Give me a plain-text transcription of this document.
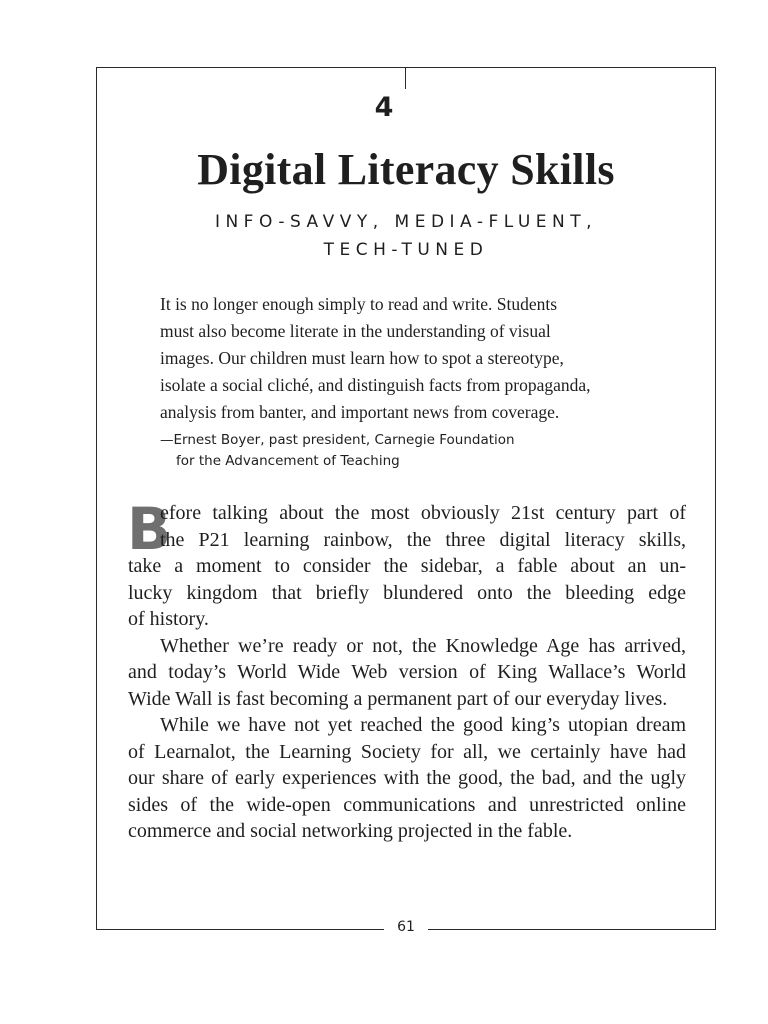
4
Digital Literacy Skills
INFO-SAVVY, MEDIA-FLUENT,
TECH-TUNED
It is no longer enough simply to read and write. Students
must also become literate in the understanding of visual
images. Our children must learn how to spot a stereotype,
isolate a social cliché, and distinguish facts from propaganda,
analysis from banter, and important news from coverage.
—Ernest Boyer, past president, Carnegie Foundation
for the Advancement of Teaching
B
efore talking about the most obviously 21st century part of
the P21 learning rainbow, the three digital literacy skills,
take a moment to consider the sidebar, a fable about an un-
lucky kingdom that briefly blundered onto the bleeding edge
of history.
Whether we’re ready or not, the Knowledge Age has arrived,
and today’s World Wide Web version of King Wallace’s World
Wide Wall is fast becoming a permanent part of our everyday lives.
While we have not yet reached the good king’s utopian dream
of Learnalot, the Learning Society for all, we certainly have had
our share of early experiences with the good, the bad, and the ugly
sides of the wide-open communications and unrestricted online
commerce and social networking projected in the fable.
61
